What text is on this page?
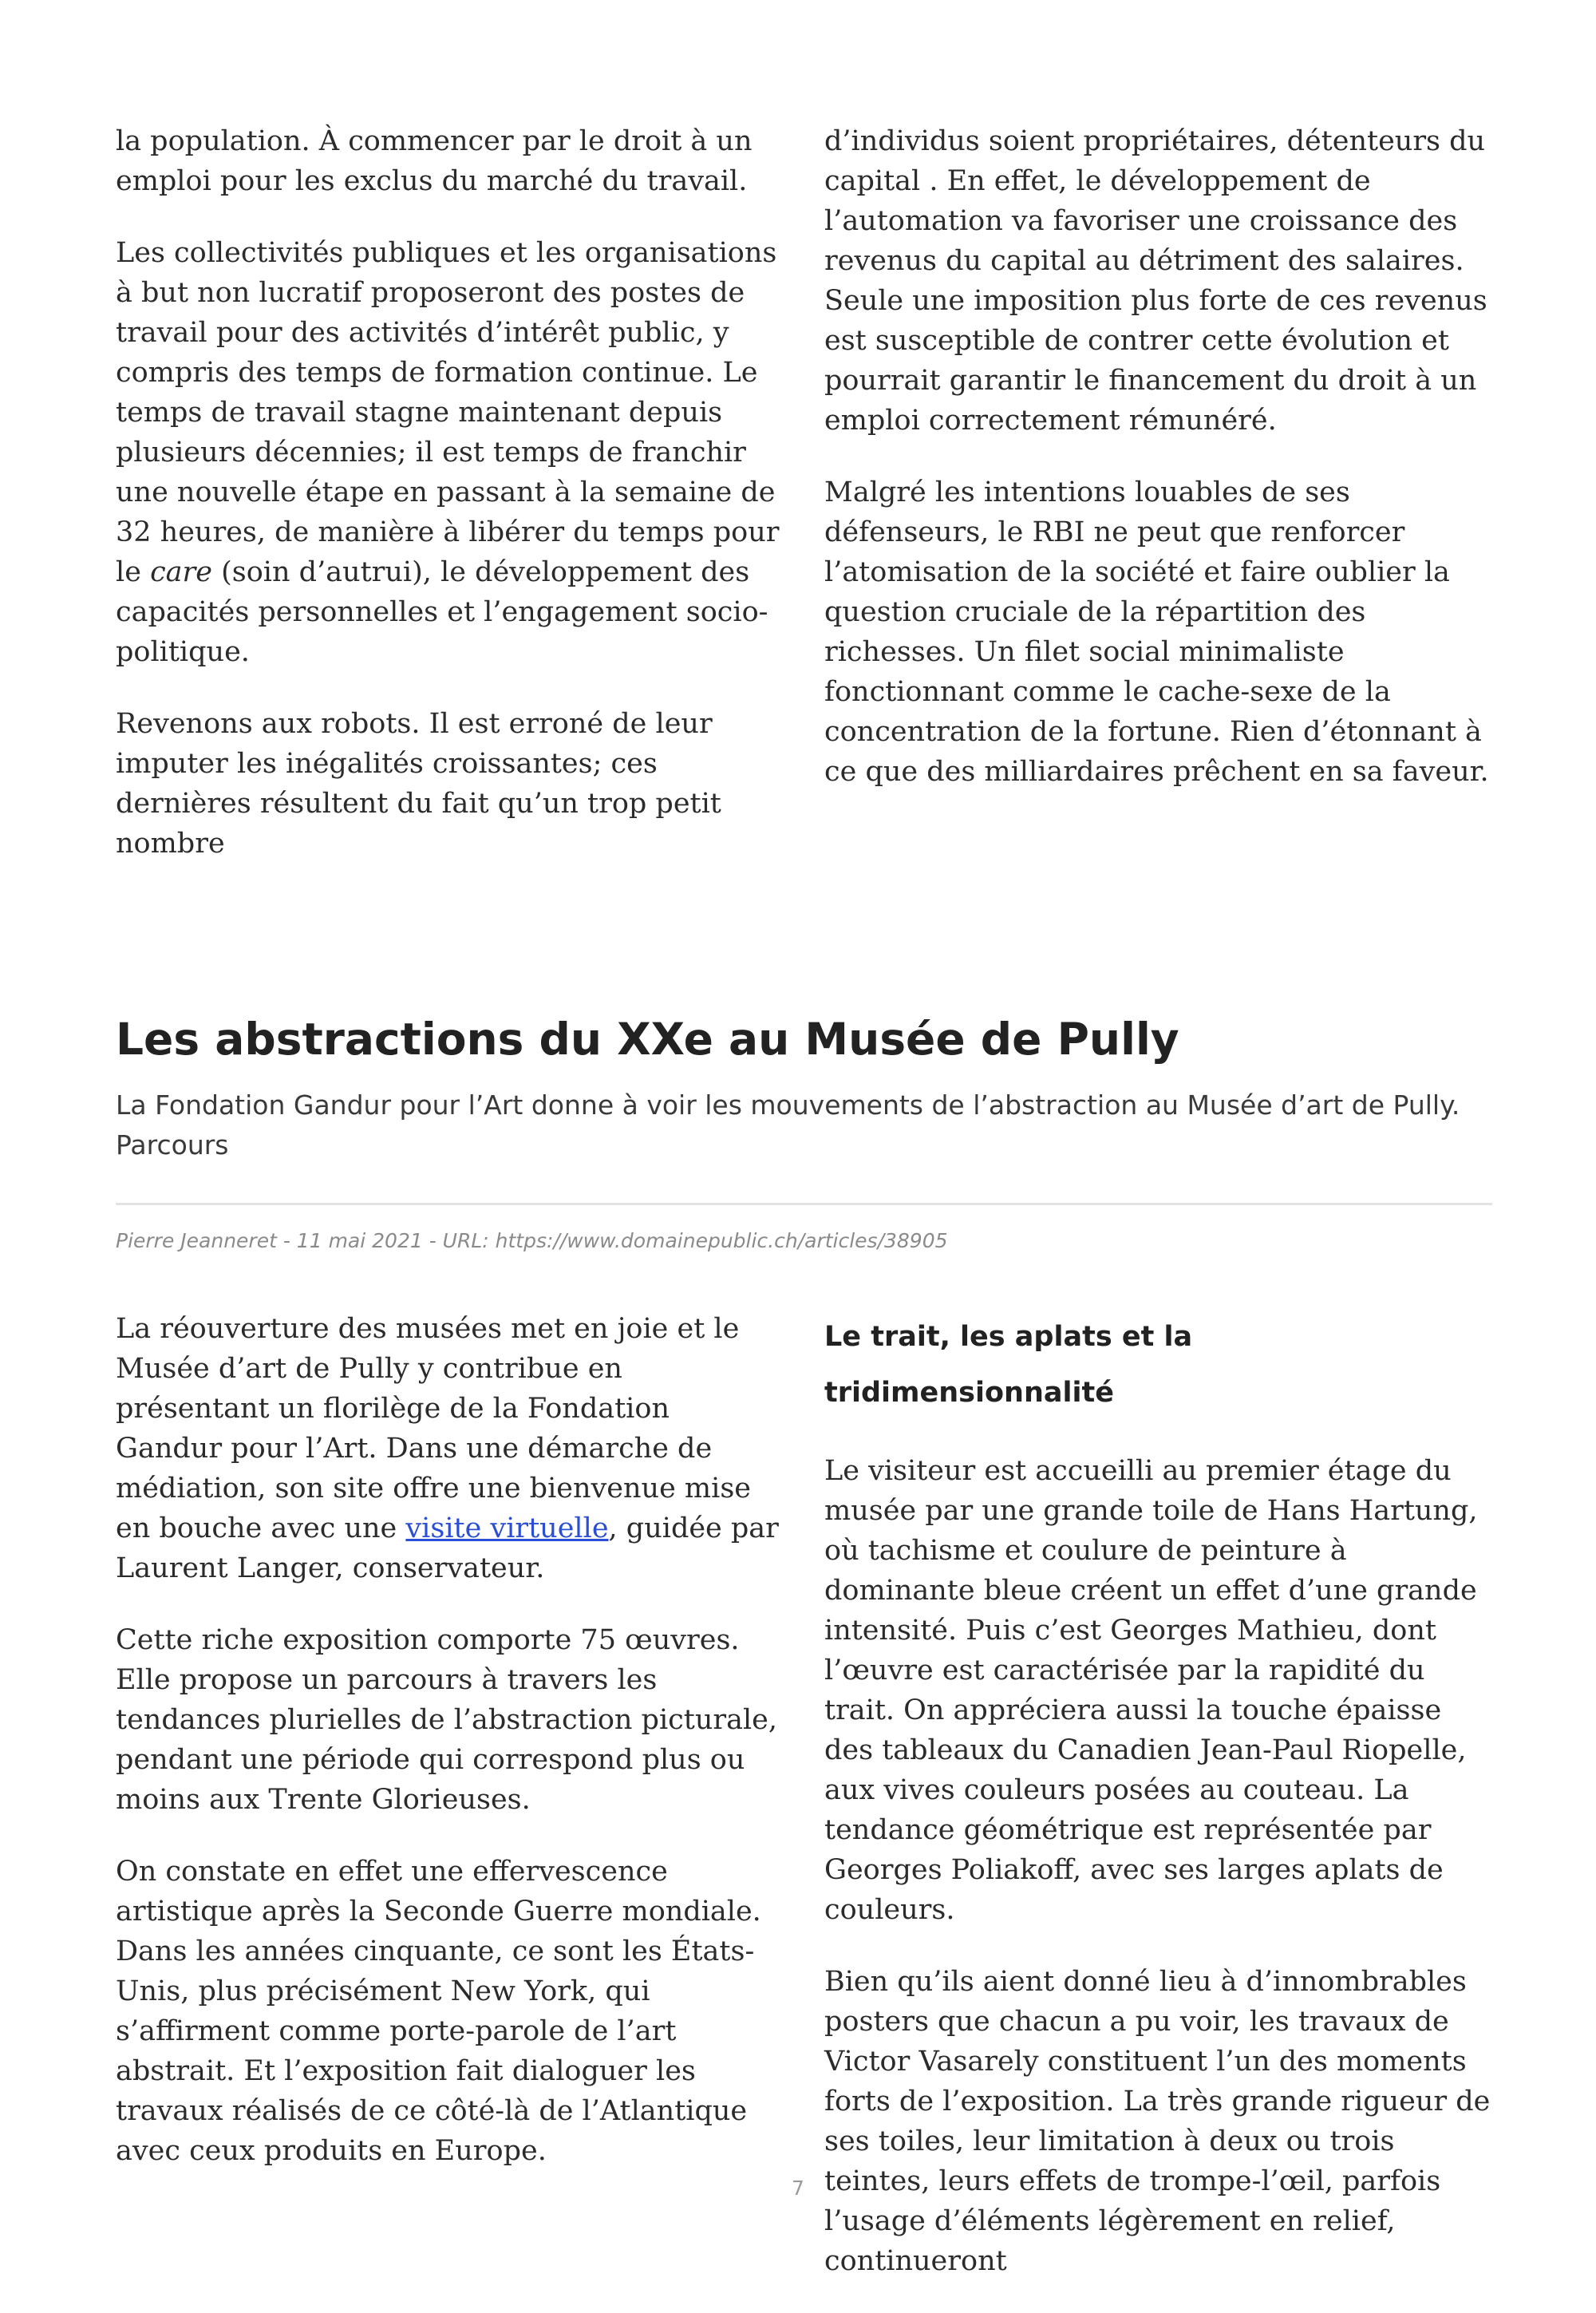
la population. À commencer par le droit à un emploi pour les exclus du marché du travail.

Les collectivités publiques et les organisations à but non lucratif proposeront des postes de travail pour des activités d’intérêt public, y compris des temps de formation continue. Le temps de travail stagne maintenant depuis plusieurs décennies; il est temps de franchir une nouvelle étape en passant à la semaine de 32 heures, de manière à libérer du temps pour le care (soin d’autrui), le développement des capacités personnelles et l’engagement socio-politique.

Revenons aux robots. Il est erroné de leur imputer les inégalités croissantes; ces dernières résultent du fait qu’un trop petit nombre

d’individus soient propriétaires, détenteurs du capital . En effet, le développement de l’automation va favoriser une croissance des revenus du capital au détriment des salaires. Seule une imposition plus forte de ces revenus est susceptible de contrer cette évolution et pourrait garantir le financement du droit à un emploi correctement rémunéré.

Malgré les intentions louables de ses défenseurs, le RBI ne peut que renforcer l’atomisation de la société et faire oublier la question cruciale de la répartition des richesses. Un filet social minimaliste fonctionnant comme le cache-sexe de la concentration de la fortune. Rien d’étonnant à ce que des milliardaires prêchent en sa faveur.

Les abstractions du XXe au Musée de Pully

La Fondation Gandur pour l’Art donne à voir les mouvements de l’abstraction au Musée d’art de Pully. Parcours

Pierre Jeanneret - 11 mai 2021 - URL: https://www.domainepublic.ch/articles/38905

La réouverture des musées met en joie et le Musée d’art de Pully y contribue en présentant un florilège de la Fondation Gandur pour l’Art. Dans une démarche de médiation, son site offre une bienvenue mise en bouche avec une visite virtuelle, guidée par Laurent Langer, conservateur.

Cette riche exposition comporte 75 œuvres. Elle propose un parcours à travers les tendances plurielles de l’abstraction picturale, pendant une période qui correspond plus ou moins aux Trente Glorieuses.

On constate en effet une effervescence artistique après la Seconde Guerre mondiale. Dans les années cinquante, ce sont les États-Unis, plus précisément New York, qui s’affirment comme porte-parole de l’art abstrait. Et l’exposition fait dialoguer les travaux réalisés de ce côté-là de l’Atlantique avec ceux produits en Europe.

Le trait, les aplats et la tridimensionnalité

Le visiteur est accueilli au premier étage du musée par une grande toile de Hans Hartung, où tachisme et coulure de peinture à dominante bleue créent un effet d’une grande intensité. Puis c’est Georges Mathieu, dont l’œuvre est caractérisée par la rapidité du trait. On appréciera aussi la touche épaisse des tableaux du Canadien Jean-Paul Riopelle, aux vives couleurs posées au couteau. La tendance géométrique est représentée par Georges Poliakoff, avec ses larges aplats de couleurs.

Bien qu’ils aient donné lieu à d’innombrables posters que chacun a pu voir, les travaux de Victor Vasarely constituent l’un des moments forts de l’exposition. La très grande rigueur de ses toiles, leur limitation à deux ou trois teintes, leurs effets de trompe-l’œil, parfois l’usage d’éléments légèrement en relief, continueront

7
